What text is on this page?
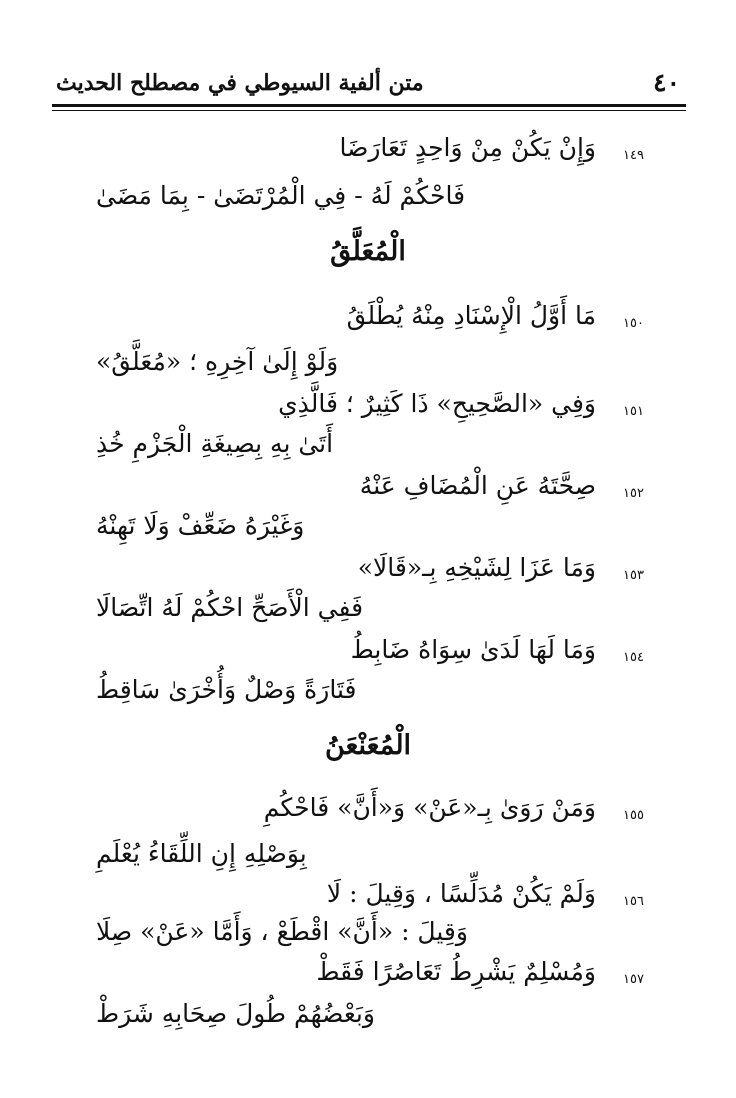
٤٠
متن ألفية السيوطي في مصطلح الحديث
١٤٩
وَإِنْ يَكُنْ مِنْ وَاحِدٍ تَعَارَضَا
فَاحْكُمْ لَهُ - فِي الْمُرْتَضَىٰ - بِمَا مَضَىٰ
الْمُعَلَّقُ
١٥٠
مَا أَوَّلُ الْإِسْنَادِ مِنْهُ يُطْلَقُ
وَلَوْ إِلَىٰ آخِرِهِ ؛ «مُعَلَّقُ»
١٥١
وَفِي «الصَّحِيحِ» ذَا كَثِيرٌ ؛ فَالَّذِي
أَتَىٰ بِهِ بِصِيغَةِ الْجَزْمِ خُذِ
١٥٢
صِحَّتَهُ عَنِ الْمُضَافِ عَنْهُ
وَغَيْرَهُ ضَعِّفْ وَلَا تَهِنْهُ
١٥٣
وَمَا عَزَا لِشَيْخِهِ بِـ«قَالَا»
فَفِي الْأَصَحِّ احْكُمْ لَهُ اتِّصَالَا
١٥٤
وَمَا لَهَا لَدَىٰ سِوَاهُ ضَابِطُ
فَتَارَةً وَصْلٌ وَأُخْرَىٰ سَاقِطُ
الْمُعَنْعَنُ
١٥٥
وَمَنْ رَوَىٰ بِـ«عَنْ» وَ«أَنَّ» فَاحْكُمِ
بِوَصْلِهِ إِنِ اللِّقَاءُ يُعْلَمِ
١٥٦
وَلَمْ يَكُنْ مُدَلِّسًا ، وَقِيلَ : لَا
وَقِيلَ : «أَنَّ» اقْطَعْ ، وَأَمَّا «عَنْ» صِلَا
١٥٧
وَمُسْلِمٌ يَشْرِطُ تَعَاصُرًا فَقَطْ
وَبَعْضُهُمْ طُولَ صِحَابِهِ شَرَطْ
